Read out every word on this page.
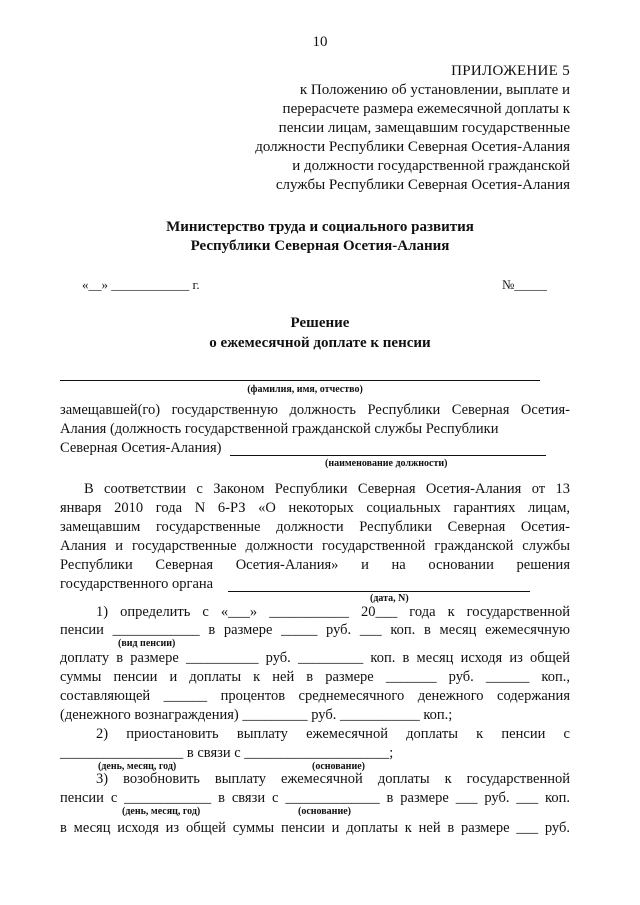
10
ПРИЛОЖЕНИЕ 5
к Положению об установлении, выплате и
перерасчете размера ежемесячной доплаты к
пенсии лицам, замещавшим государственные
должности Республики Северная Осетия-Алания
и должности государственной гражданской
службы Республики Северная Осетия-Алания
Министерство труда и социального развития
Республики Северная Осетия-Алания
«__» ____________ г.	№_____
Решение
о ежемесячной доплате к пенсии
(фамилия, имя, отчество)
замещавшей(го) государственную должность Республики Северная Осетия-
Алания (должность государственной гражданской службы Республики
Северная Осетия-Алания)
(наименование должности)
В соответствии с Законом Республики Северная Осетия-Алания от 13
января 2010 года N 6-РЗ «О некоторых социальных гарантиях лицам,
замещавшим государственные должности Республики Северная Осетия-
Алания и государственные должности государственной гражданской службы
Республики Северная Осетия-Алания» и на основании решения
государственного органа
(дата, N)
1) определить с «___» ___________ 20___ года к государственной
пенсии ____________ в размере _____ руб. ___ коп. в месяц ежемесячную
(вид пенсии)
доплату в размере __________ руб. _________ коп. в месяц исходя из общей
суммы пенсии и доплаты к ней в размере _______ руб. ______ коп.,
составляющей ______ процентов среднемесячного денежного содержания
(денежного вознаграждения) _________ руб. ___________ коп.;
2) приостановить выплату ежемесячной доплаты к пенсии с
_________________ в связи с ____________________;
(день, месяц, год)	(основание)
3) возобновить выплату ежемесячной доплаты к государственной
пенсии с ____________ в связи с _____________ в размере ___ руб. ___ коп.
(день, месяц, год)	(основание)
в месяц исходя из общей суммы пенсии и доплаты к ней в размере ___ руб.
